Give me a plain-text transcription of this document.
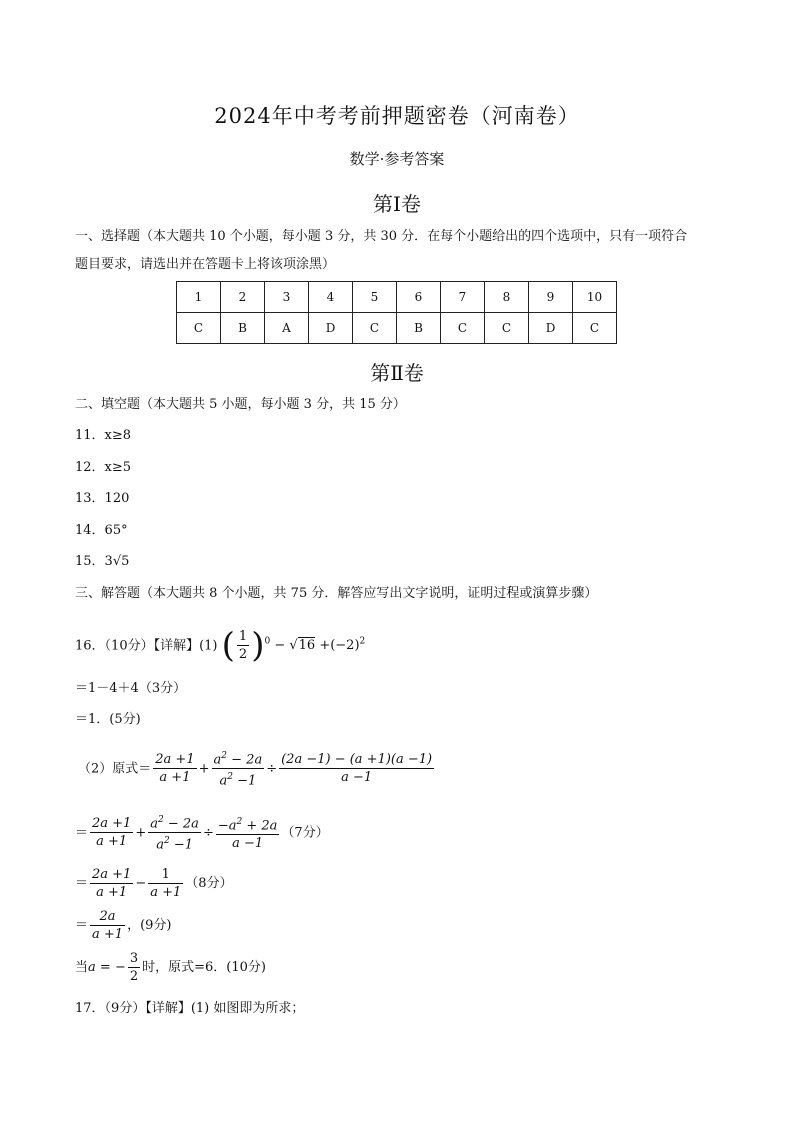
2024年中考考前押题密卷（河南卷）
数学·参考答案
第Ⅰ卷
一、选择题（本大题共 10 个小题，每小题 3 分，共 30 分．在每个小题给出的四个选项中，只有一项符合
题目要求，请选出并在答题卡上将该项涂黑）
1	2	3	4	5	6	7	8	9	10
C	B	A	D	C	B	C	C	D	C
第Ⅱ卷
二、填空题（本大题共 5 小题，每小题 3 分，共 15 分）
11．x≥8
12．x≥5
13．120
14．65°
15．3√5
三、解答题（本大题共 8 个小题，共 75 分．解答应写出文字说明，证明过程或演算步骤）
16．（10分）【详解】(1) ( $\frac{1}{2} )^0 - √16 +(-2)^2$
＝1－4＋4（3分）
＝1．(5分)
（2）原式＝ $\frac{2a +1}{a +1} + \frac{a^2 - 2a}{a^2 -1} \div \frac{(2a -1) - (a +1)(a -1)}{a -1}$
＝ $\frac{2a +1}{a +1} + \frac{a^2 - 2a}{a^2 -1} \div \frac{-a^2 + 2a}{a -1} (7$分）
＝ $\frac{2a +1}{a +1} - \frac{1}{a +1} (8$分）
＝ $\frac{2a}{a +1}$ ，(9分)
当a = − $\frac{3}{2}$ 时，原式=6．(10分)
17．（9分）【详解】(1) 如图即为所求；
